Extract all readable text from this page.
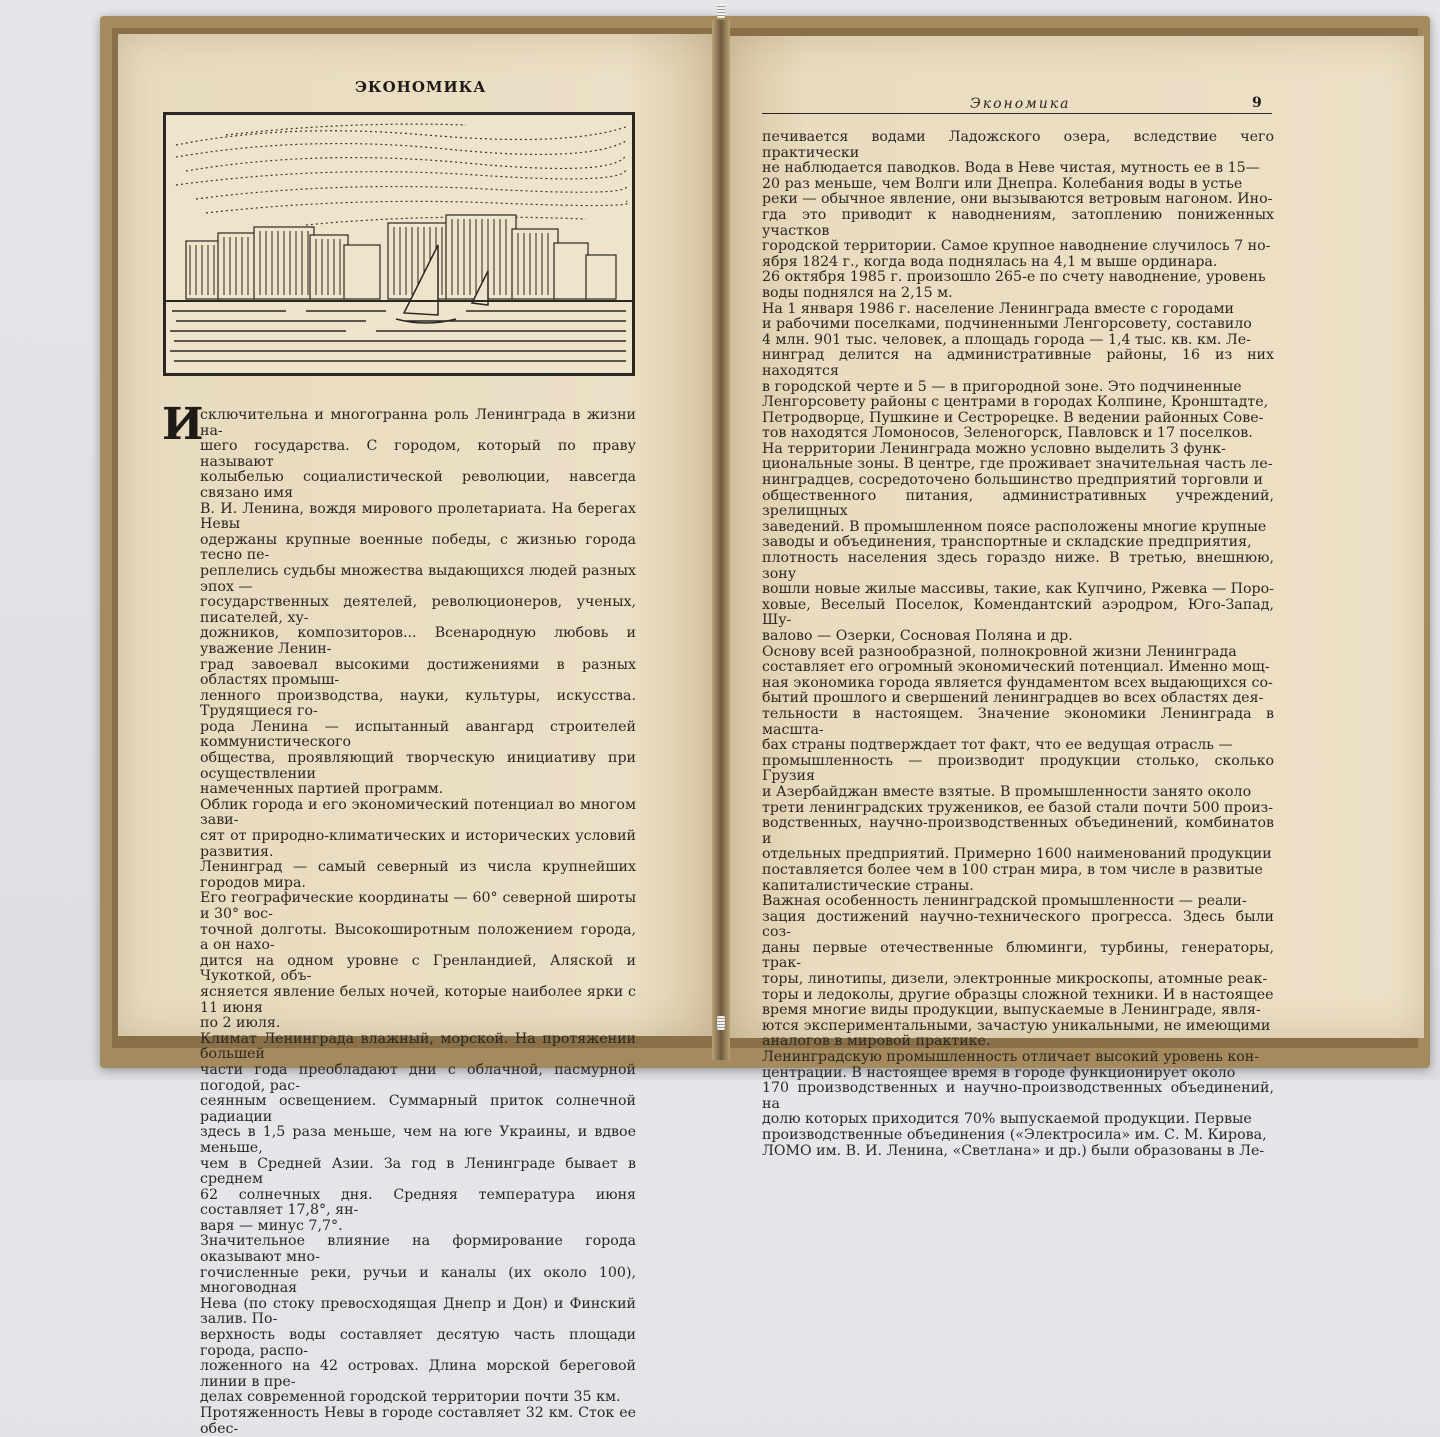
ЭКОНОМИКА

И

сключительна и многогранна роль Ленинграда в жизни на-
шего государства. С городом, который по праву называют
колыбелью социалистической революции, навсегда связано имя
В. И. Ленина, вождя мирового пролетариата. На берегах Невы
одержаны крупные военные победы, с жизнью города тесно пе-
реплелись судьбы множества выдающихся людей разных эпох —
государственных деятелей, революционеров, ученых, писателей, ху-
дожников, композиторов... Всенародную любовь и уважение Ленин-
град завоевал высокими достижениями в разных областях промыш-
ленного производства, науки, культуры, искусства. Трудящиеся го-
рода Ленина — испытанный авангард строителей коммунистического
общества, проявляющий творческую инициативу при осуществлении
намеченных партией программ.
Облик города и его экономический потенциал во многом зави-
сят от природно-климатических и исторических условий развития.
Ленинград — самый северный из числа крупнейших городов мира.
Его географические координаты — 60° северной широты и 30° вос-
точной долготы. Высокоширотным положением города, а он нахо-
дится на одном уровне с Гренландией, Аляской и Чукоткой, объ-
ясняется явление белых ночей, которые наиболее ярки с 11 июня
по 2 июля.
Климат Ленинграда влажный, морской. На протяжении большей
части года преобладают дни с облачной, пасмурной погодой, рас-
сеянным освещением. Суммарный приток солнечной радиации
здесь в 1,5 раза меньше, чем на юге Украины, и вдвое меньше,
чем в Средней Азии. За год в Ленинграде бывает в среднем
62 солнечных дня. Средняя температура июня составляет 17,8°, ян-
варя — минус 7,7°.
Значительное влияние на формирование города оказывают мно-
гочисленные реки, ручьи и каналы (их около 100), многоводная
Нева (по стоку превосходящая Днепр и Дон) и Финский залив. По-
верхность воды составляет десятую часть площади города, распо-
ложенного на 42 островах. Длина морской береговой линии в пре-
делах современной городской территории почти 35 км.
Протяженность Невы в городе составляет 32 км. Сток ее обес-

Экономика	9

печивается водами Ладожского озера, вследствие чего практически
не наблюдается паводков. Вода в Неве чистая, мутность ее в 15—
20 раз меньше, чем Волги или Днепра. Колебания воды в устье
реки — обычное явление, они вызываются ветровым нагоном. Ино-
гда это приводит к наводнениям, затоплению пониженных участков
городской территории. Самое крупное наводнение случилось 7 но-
ября 1824 г., когда вода поднялась на 4,1 м выше ординара.
26 октября 1985 г. произошло 265-е по счету наводнение, уровень
воды поднялся на 2,15 м.
На 1 января 1986 г. население Ленинграда вместе с городами
и рабочими поселками, подчиненными Ленгорсовету, составило
4 млн. 901 тыс. человек, а площадь города — 1,4 тыс. кв. км. Ле-
нинград делится на административные районы, 16 из них находятся
в городской черте и 5 — в пригородной зоне. Это подчиненные
Ленгорсовету районы с центрами в городах Колпине, Кронштадте,
Петродворце, Пушкине и Сестрорецке. В ведении районных Сове-
тов находятся Ломоносов, Зеленогорск, Павловск и 17 поселков.
На территории Ленинграда можно условно выделить 3 функ-
циональные зоны. В центре, где проживает значительная часть ле-
нинградцев, сосредоточено большинство предприятий торговли и
общественного питания, административных учреждений, зрелищных
заведений. В промышленном поясе расположены многие крупные
заводы и объединения, транспортные и складские предприятия,
плотность населения здесь гораздо ниже. В третью, внешнюю, зону
вошли новые жилые массивы, такие, как Купчино, Ржевка — Поро-
ховые, Веселый Поселок, Комендантский аэродром, Юго-Запад, Шу-
валово — Озерки, Сосновая Поляна и др.
Основу всей разнообразной, полнокровной жизни Ленинграда
составляет его огромный экономический потенциал. Именно мощ-
ная экономика города является фундаментом всех выдающихся со-
бытий прошлого и свершений ленинградцев во всех областях дея-
тельности в настоящем. Значение экономики Ленинграда в масшта-
бах страны подтверждает тот факт, что ее ведущая отрасль —
промышленность — производит продукции столько, сколько Грузия
и Азербайджан вместе взятые. В промышленности занято около
трети ленинградских тружеников, ее базой стали почти 500 произ-
водственных, научно-производственных объединений, комбинатов и
отдельных предприятий. Примерно 1600 наименований продукции
поставляется более чем в 100 стран мира, в том числе в развитые
капиталистические страны.
Важная особенность ленинградской промышленности — реали-
зация достижений научно-технического прогресса. Здесь были соз-
даны первые отечественные блюминги, турбины, генераторы, трак-
торы, линотипы, дизели, электронные микроскопы, атомные реак-
торы и ледоколы, другие образцы сложной техники. И в настоящее
время многие виды продукции, выпускаемые в Ленинграде, явля-
ются экспериментальными, зачастую уникальными, не имеющими
аналогов в мировой практике.
Ленинградскую промышленность отличает высокий уровень кон-
центрации. В настоящее время в городе функционирует около
170 производственных и научно-производственных объединений, на
долю которых приходится 70% выпускаемой продукции. Первые
производственные объединения («Электросила» им. С. М. Кирова,
ЛОМО им. В. И. Ленина, «Светлана» и др.) были образованы в Ле-
